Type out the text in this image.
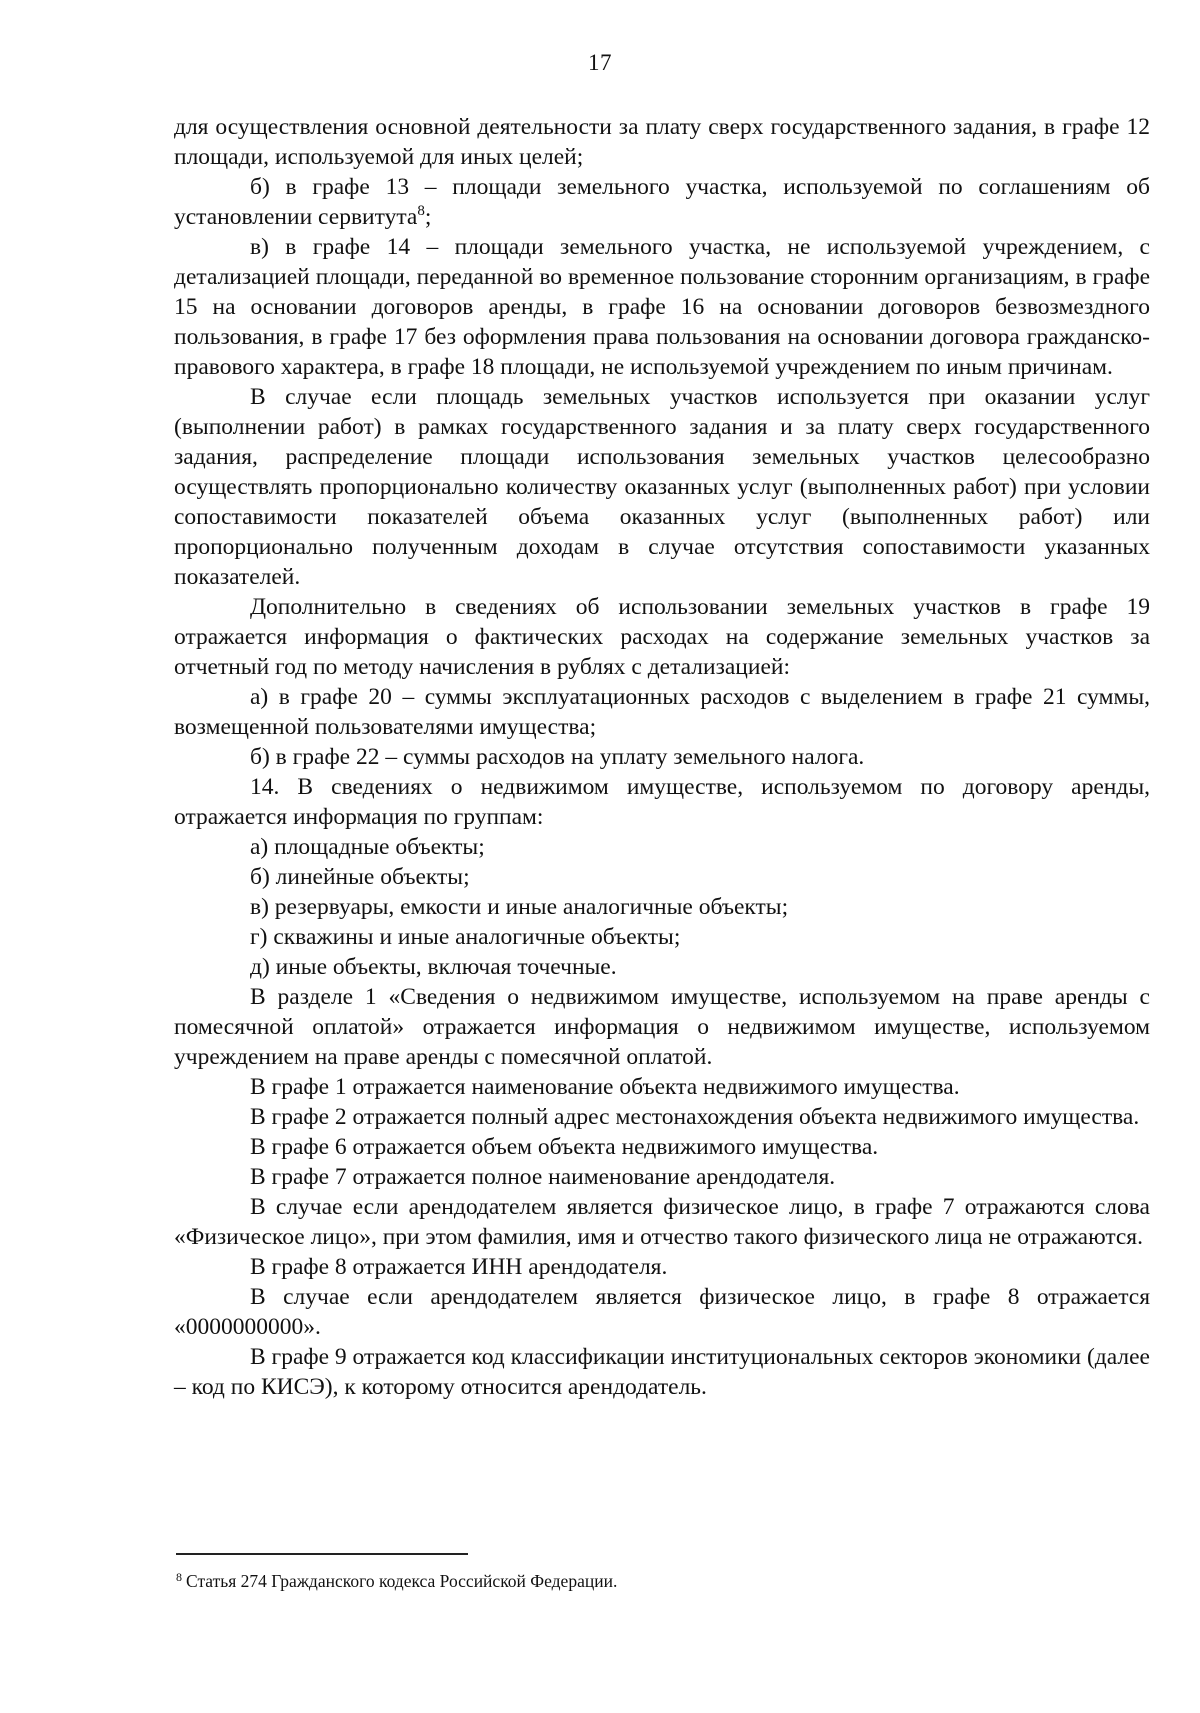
17

для осуществления основной деятельности за плату сверх государственного задания, в графе 12 площади, используемой для иных целей;

б) в графе 13 – площади земельного участка, используемой по соглашениям об установлении сервитута$^8$;

в) в графе 14 – площади земельного участка, не используемой учреждением, с детализацией площади, переданной во временное пользование сторонним организациям, в графе 15 на основании договоров аренды, в графе 16 на основании договоров безвозмездного пользования, в графе 17 без оформления права пользования на основании договора гражданско-правового характера, в графе 18 площади, не используемой учреждением по иным причинам.

В случае если площадь земельных участков используется при оказании услуг (выполнении работ) в рамках государственного задания и за плату сверх государственного задания, распределение площади использования земельных участков целесообразно осуществлять пропорционально количеству оказанных услуг (выполненных работ) при условии сопоставимости показателей объема оказанных услуг (выполненных работ) или пропорционально полученным доходам в случае отсутствия сопоставимости указанных показателей.

Дополнительно в сведениях об использовании земельных участков в графе 19 отражается информация о фактических расходах на содержание земельных участков за отчетный год по методу начисления в рублях с детализацией:

а) в графе 20 – суммы эксплуатационных расходов с выделением в графе 21 суммы, возмещенной пользователями имущества;

б) в графе 22 – суммы расходов на уплату земельного налога.

14. В сведениях о недвижимом имуществе, используемом по договору аренды, отражается информация по группам:

а) площадные объекты;

б) линейные объекты;

в) резервуары, емкости и иные аналогичные объекты;

г) скважины и иные аналогичные объекты;

д) иные объекты, включая точечные.

В разделе 1 «Сведения о недвижимом имуществе, используемом на праве аренды с помесячной оплатой» отражается информация о недвижимом имуществе, используемом учреждением на праве аренды с помесячной оплатой.

В графе 1 отражается наименование объекта недвижимого имущества.

В графе 2 отражается полный адрес местонахождения объекта недвижимого имущества.

В графе 6 отражается объем объекта недвижимого имущества.

В графе 7 отражается полное наименование арендодателя.

В случае если арендодателем является физическое лицо, в графе 7 отражаются слова «Физическое лицо», при этом фамилия, имя и отчество такого физического лица не отражаются.

В графе 8 отражается ИНН арендодателя.

В случае если арендодателем является физическое лицо, в графе 8 отражается «0000000000».

В графе 9 отражается код классификации институциональных секторов экономики (далее – код по КИСЭ), к которому относится арендодатель.

$^8$ Статья 274 Гражданского кодекса Российской Федерации.
